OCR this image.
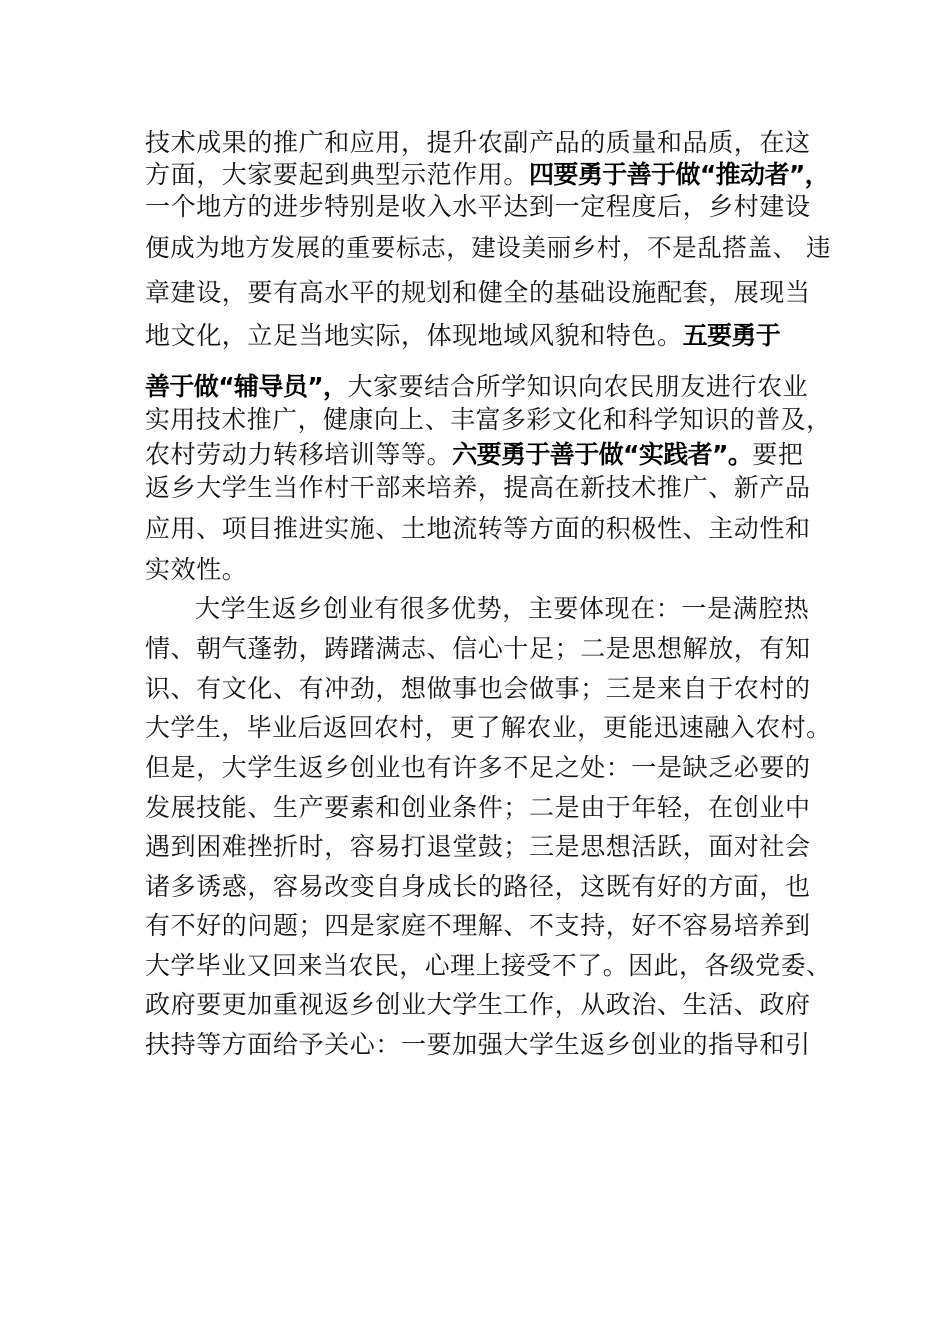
技术成果的推广和应用，提升农副产品的质量和品质，在这
方面，大家要起到典型示范作用。四要勇于善于做“推动者”，
一个地方的进步特别是收入水平达到一定程度后，乡村建设
便成为地方发展的重要标志，建设美丽乡村，不是乱搭盖、 违
章建设，要有高水平的规划和健全的基础设施配套，展现当
地文化，立足当地实际，体现地域风貌和特色。五要勇于
善于做“辅导员”，大家要结合所学知识向农民朋友进行农业
实用技术推广，健康向上、丰富多彩文化和科学知识的普及，
农村劳动力转移培训等等。六要勇于善于做“实践者”。要把
返乡大学生当作村干部来培养，提高在新技术推广、新产品
应用、项目推进实施、土地流转等方面的积极性、主动性和
实效性。
大学生返乡创业有很多优势，主要体现在：一是满腔热
情、朝气蓬勃，踌躇满志、信心十足；二是思想解放，有知
识、有文化、有冲劲，想做事也会做事；三是来自于农村的
大学生，毕业后返回农村，更了解农业，更能迅速融入农村。
但是，大学生返乡创业也有许多不足之处：一是缺乏必要的
发展技能、生产要素和创业条件；二是由于年轻，在创业中
遇到困难挫折时，容易打退堂鼓；三是思想活跃，面对社会
诸多诱惑，容易改变自身成长的路径，这既有好的方面，也
有不好的问题；四是家庭不理解、不支持，好不容易培养到
大学毕业又回来当农民，心理上接受不了。因此，各级党委、
政府要更加重视返乡创业大学生工作，从政治、生活、政府
扶持等方面给予关心：一要加强大学生返乡创业的指导和引
